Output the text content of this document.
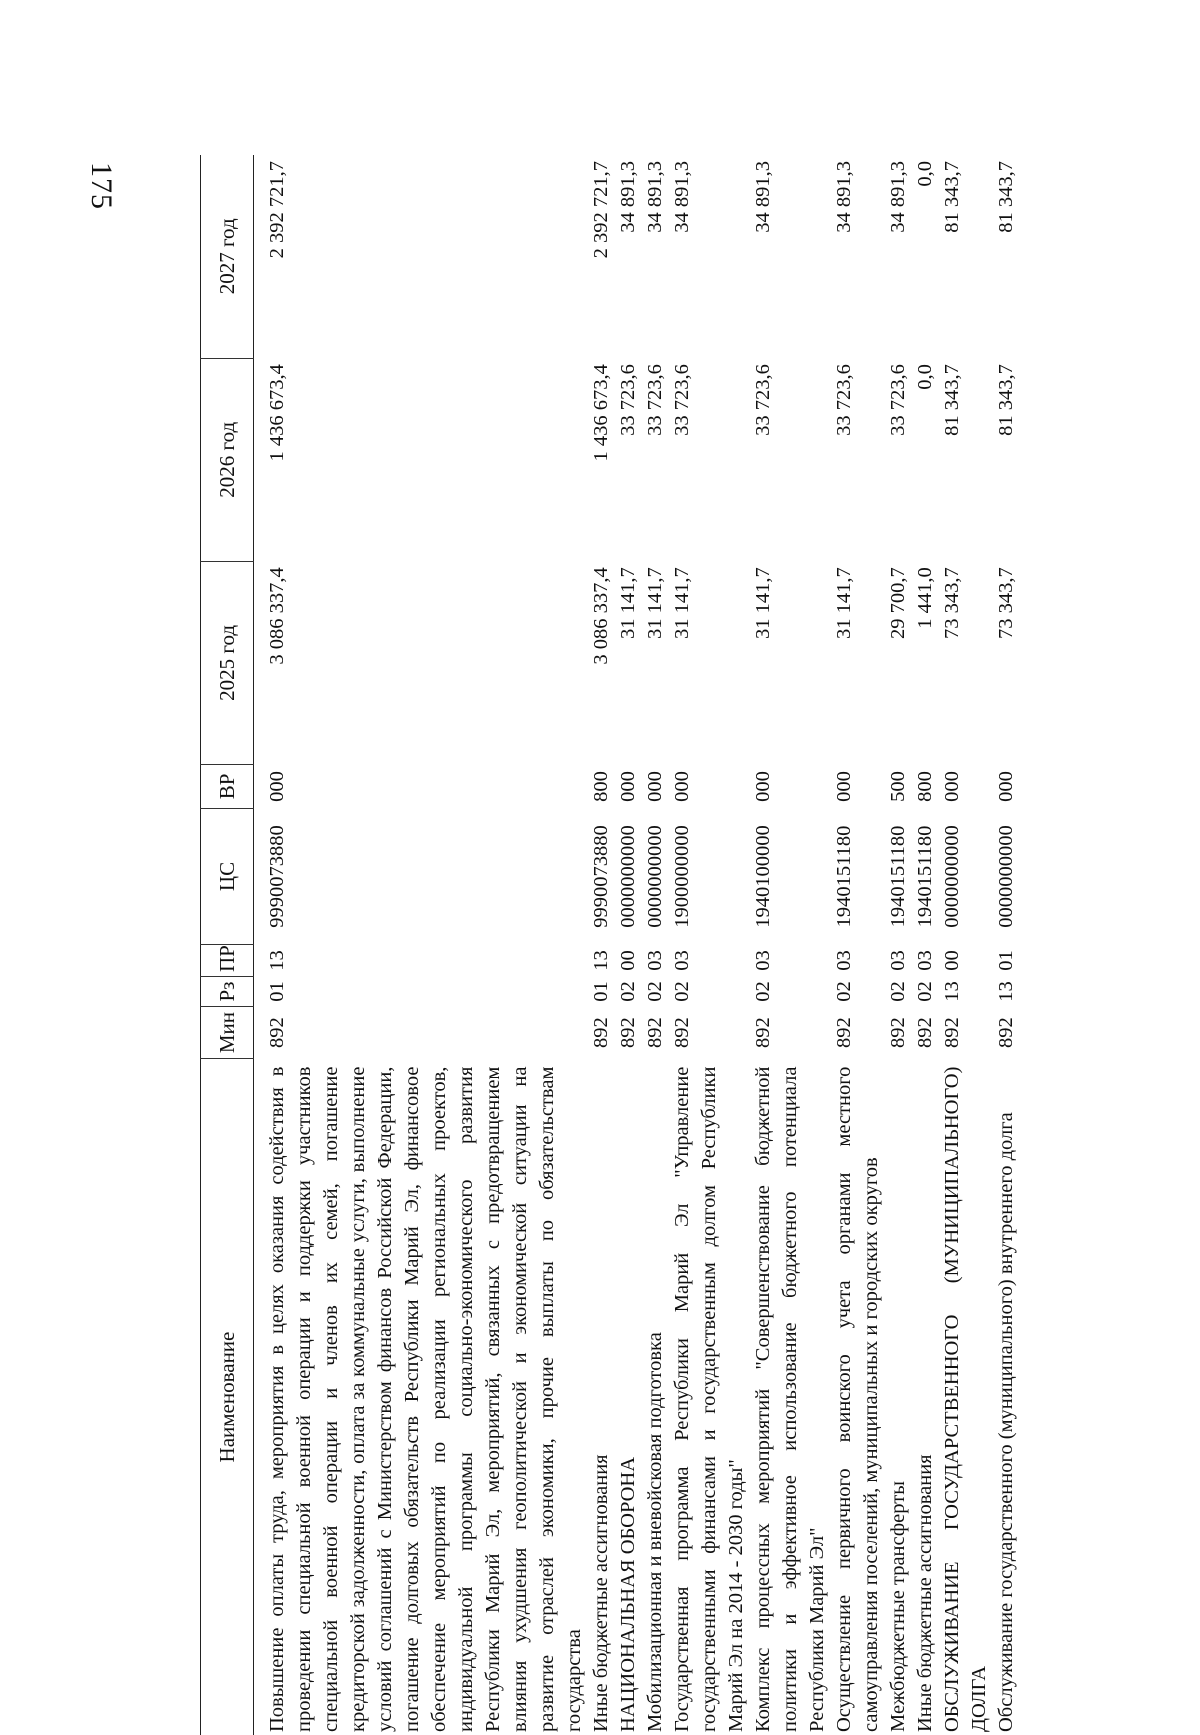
175
Наименование	Мин	Рз	ПР	ЦС	ВР	2025 год	2026 год	2027 год
Повышение оплаты труда, мероприятия в целях оказания содействия в проведении специальной военной операции и поддержки участников специальной военной операции и членов их семей, погашение кредиторской задолженности, оплата за коммунальные услуги, выполнение условий соглашений с Министерством финансов Российской Федерации, погашение долговых обязательств Республики Марий Эл, финансовое обеспечение мероприятий по реализации региональных проектов, индивидуальной программы социально-экономического развития Республики Марий Эл, мероприятий, связанных с предотвращением влияния ухудшения геополитической и экономической ситуации на развитие отраслей экономики, прочие выплаты по обязательствам государства	892	01	13	9990073880	000	3 086 337,4	1 436 673,4	2 392 721,7
Иные бюджетные ассигнования	892	01	13	9990073880	800	3 086 337,4	1 436 673,4	2 392 721,7
НАЦИОНАЛЬНАЯ ОБОРОНА	892	02	00	0000000000	000	31 141,7	33 723,6	34 891,3
Мобилизационная и вневойсковая подготовка	892	02	03	0000000000	000	31 141,7	33 723,6	34 891,3
Государственная программа Республики Марий Эл "Управление государственными финансами и государственным долгом Республики Марий Эл на 2014 - 2030 годы"	892	02	03	1900000000	000	31 141,7	33 723,6	34 891,3
Комплекс процессных мероприятий "Совершенствование бюджетной политики и эффективное использование бюджетного потенциала Республики Марий Эл"	892	02	03	1940100000	000	31 141,7	33 723,6	34 891,3
Осуществление первичного воинского учета органами местного самоуправления поселений, муниципальных и городских округов	892	02	03	1940151180	000	31 141,7	33 723,6	34 891,3
Межбюджетные трансферты	892	02	03	1940151180	500	29 700,7	33 723,6	34 891,3
Иные бюджетные ассигнования	892	02	03	1940151180	800	1 441,0	0,0	0,0
ОБСЛУЖИВАНИЕ ГОСУДАРСТВЕННОГО (МУНИЦИПАЛЬНОГО) ДОЛГА	892	13	00	0000000000	000	73 343,7	81 343,7	81 343,7
Обслуживание государственного (муниципального) внутреннего долга	892	13	01	0000000000	000	73 343,7	81 343,7	81 343,7
